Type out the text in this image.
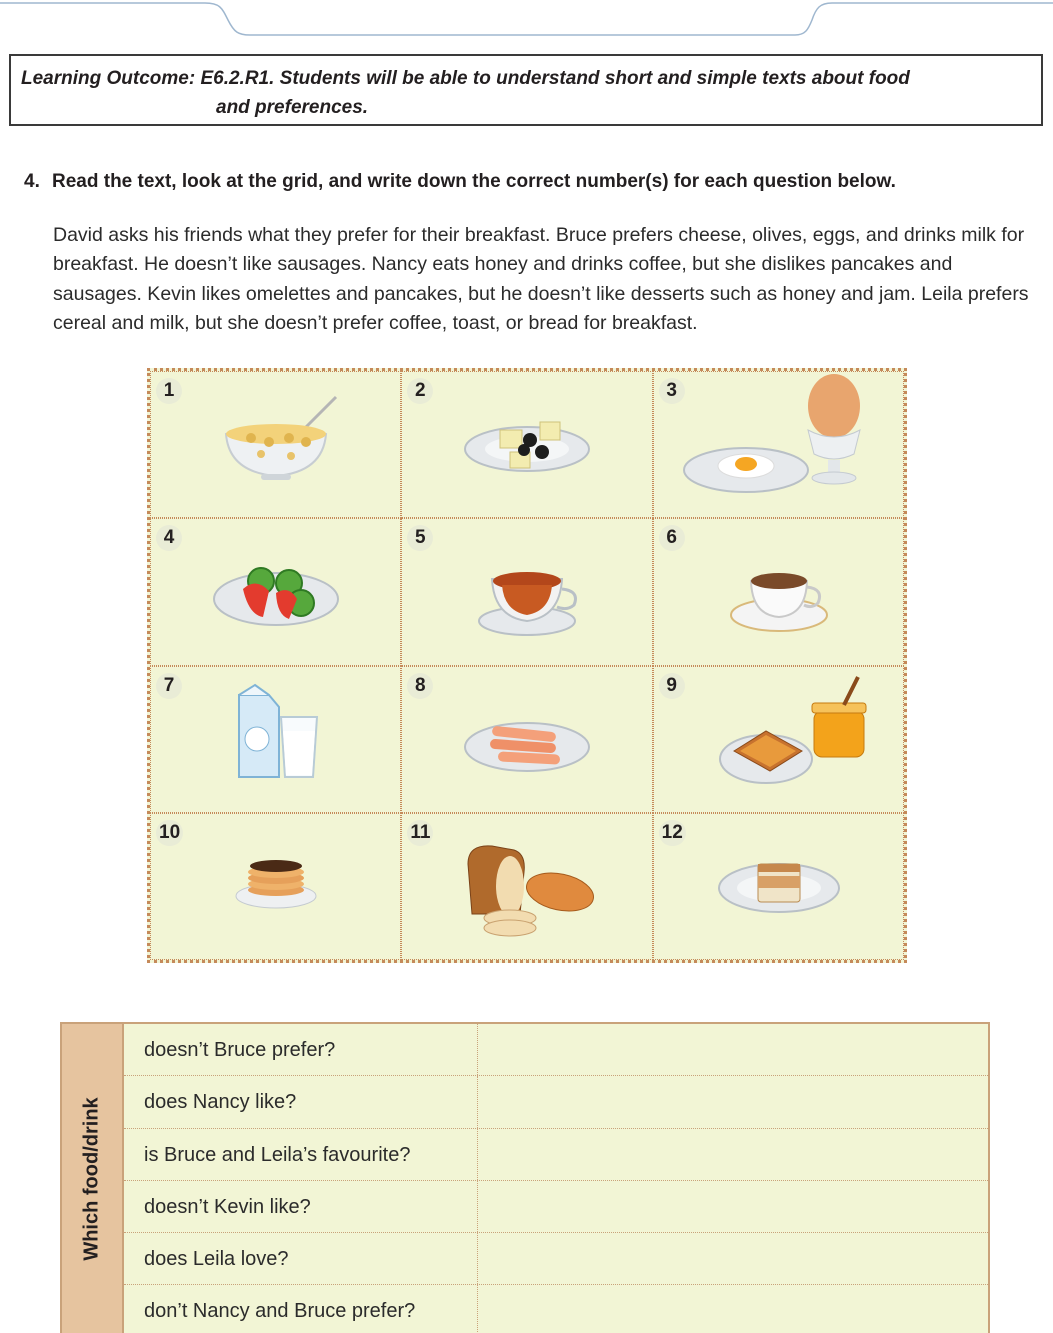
Learning Outcome: E6.2.R1. Students will be able to understand short and simple texts about food
and preferences.
4. Read the text, look at the grid, and write down the correct number(s) for each question below.

David asks his friends what they prefer for their breakfast. Bruce prefers cheese, olives, eggs, and drinks milk for breakfast. He doesn’t like sausages. Nancy eats honey and drinks coffee, but she dislikes pancakes and sausages. Kevin likes omelettes and pancakes, but he doesn’t like desserts such as honey and jam. Leila prefers cereal and milk, but she doesn’t prefer coffee, toast, or bread for breakfast.

1	2	3
4	5	6
7	8	9
10	11	12
Which food/drink
doesn’t Bruce prefer?
does Nancy like?
is Bruce and Leila’s favourite?
doesn’t Kevin like?
does Leila love?
don’t Nancy and Bruce prefer?
